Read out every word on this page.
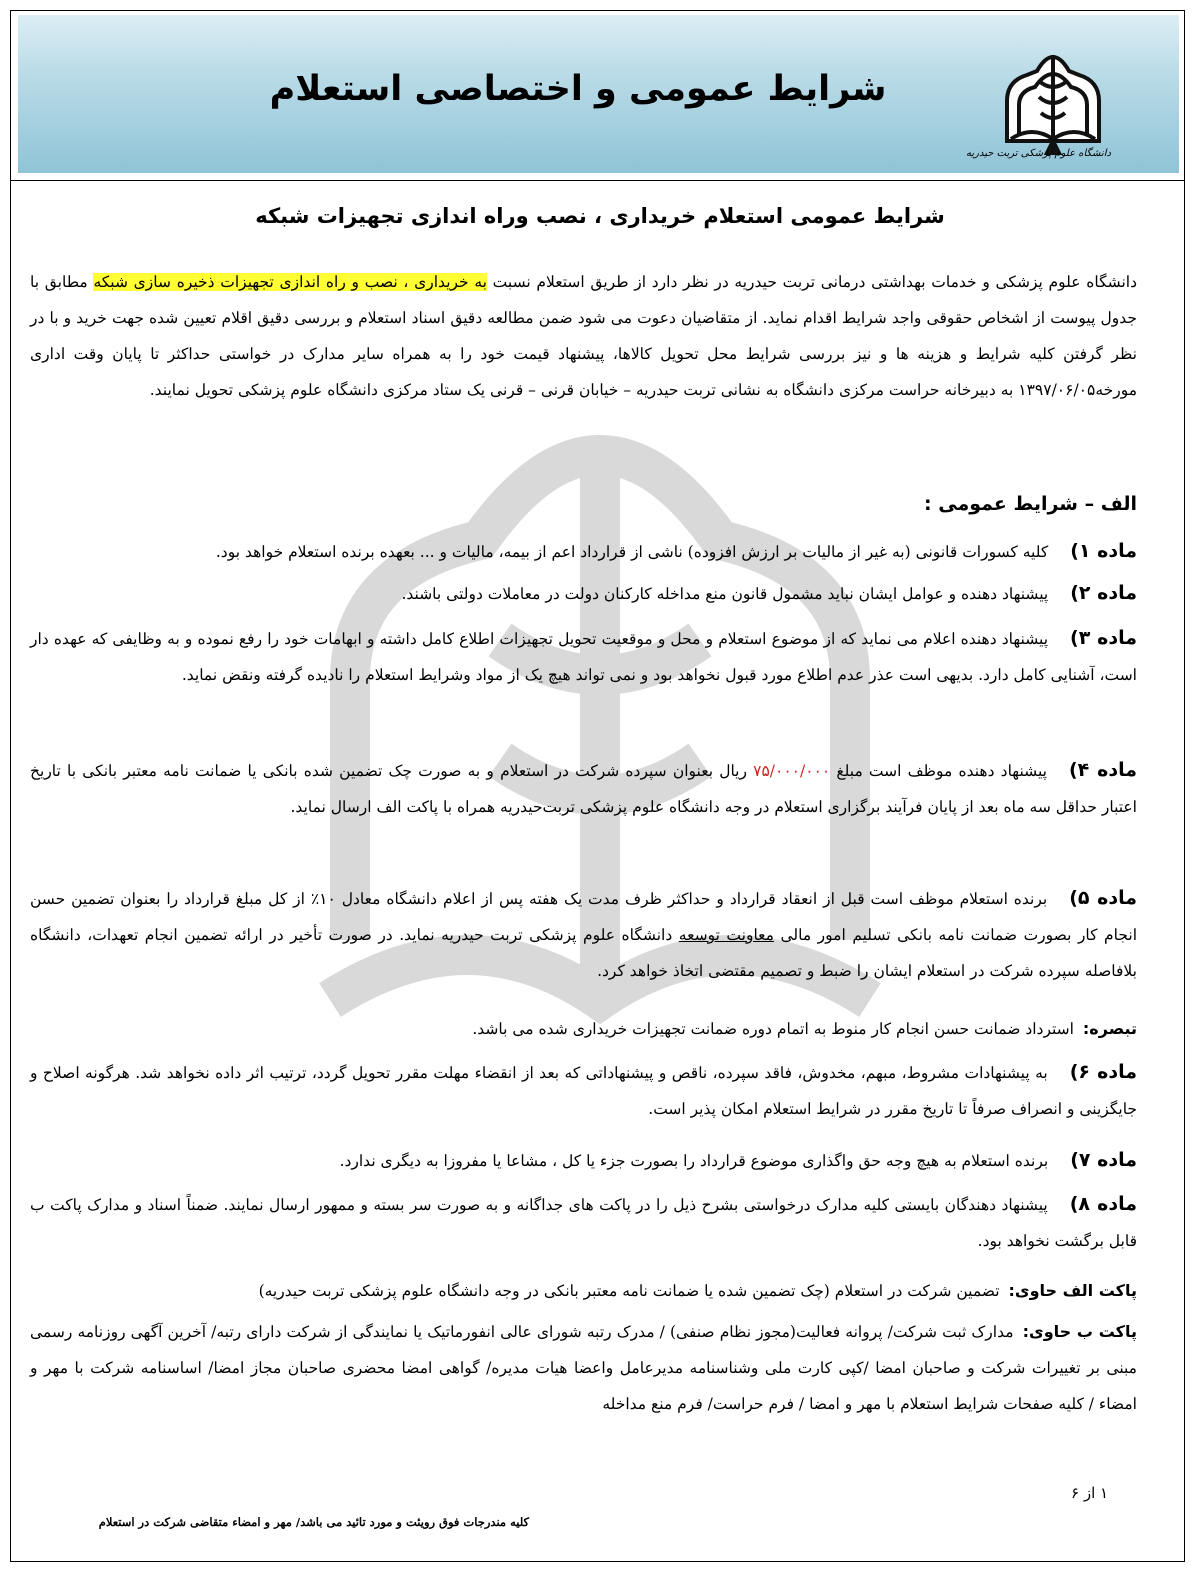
شرایط عمومی و اختصاصی استعلام
دانشگاه علوم پزشکی تربت حیدریه
شرایط عمومی استعلام خریداری ، نصب وراه اندازی تجهیزات شبکه
دانشگاه علوم پزشکی و خدمات بهداشتی درمانی تربت حیدریه در نظر دارد از طریق استعلام نسبت به خریداری ، نصب و راه اندازی تجهیزات ذخیره سازی شبکه مطابق با جدول پیوست از اشخاص حقوقی واجد شرایط اقدام نماید. از متقاضیان دعوت می شود ضمن مطالعه دقیق اسناد استعلام و بررسی دقیق اقلام تعیین شده جهت خرید و با در نظر گرفتن کلیه شرایط و هزینه ها و نیز بررسی شرایط محل تحویل کالاها، پیشنهاد قیمت خود را به همراه سایر مدارک در خواستی حداکثر تا پایان وقت اداری مورخه۱۳۹۷/۰۶/۰۵ به دبیرخانه حراست مرکزی دانشگاه به نشانی تربت حیدریه – خیابان قرنی – قرنی یک ستاد مرکزی دانشگاه علوم پزشکی تحویل نمایند.
الف – شرایط عمومی :
ماده ۱)کلیه کسورات قانونی (به غیر از مالیات بر ارزش افزوده) ناشی از قرارداد اعم از بیمه، مالیات و ... بعهده برنده استعلام خواهد بود.
ماده ۲)پیشنهاد دهنده و عوامل ایشان نباید مشمول قانون منع مداخله کارکنان دولت در معاملات دولتی باشند.
ماده ۳)پیشنهاد دهنده اعلام می نماید که از موضوع استعلام و محل و موقعیت تحویل تجهیزات اطلاع کامل داشته و ابهامات خود را رفع نموده و به وظایفی که عهده دار است، آشنایی کامل دارد. بدیهی است عذر عدم اطلاع مورد قبول نخواهد بود و نمی تواند هیچ یک از مواد وشرایط استعلام را نادیده گرفته ونقض نماید.
ماده ۴)پیشنهاد دهنده موظف است مبلغ ۷۵/۰۰۰/۰۰۰ ریال بعنوان سپرده شرکت در استعلام و به صورت چک تضمین شده بانکی یا ضمانت نامه معتبر بانکی با تاریخ اعتبار حداقل سه ماه بعد از پایان فرآیند برگزاری استعلام در وجه دانشگاه علوم پزشکی تربت‌حیدریه همراه با پاکت الف ارسال نماید.
ماده ۵)برنده استعلام موظف است قبل از انعقاد قرارداد و حداکثر ظرف مدت یک هفته پس از اعلام دانشگاه معادل ۱۰٪ از کل مبلغ قرارداد را بعنوان تضمین حسن انجام کار بصورت ضمانت نامه بانکی تسلیم امور مالی معاونت توسعه دانشگاه علوم پزشکی تربت حیدریه نماید. در صورت تأخیر در ارائه تضمین انجام تعهدات، دانشگاه بلافاصله سپرده شرکت در استعلام ایشان را ضبط و تصمیم مقتضی اتخاذ خواهد کرد.
تبصره: استرداد ضمانت حسن انجام کار منوط به اتمام دوره ضمانت تجهیزات خریداری شده می باشد.
ماده ۶)به پیشنهادات مشروط، مبهم، مخدوش، فاقد سپرده، ناقص و پیشنهاداتی که بعد از انقضاء مهلت مقرر تحویل گردد، ترتیب اثر داده نخواهد شد. هرگونه اصلاح و جایگزینی و انصراف صرفاً تا تاریخ مقرر در شرایط استعلام امکان پذیر است.
ماده ۷)برنده استعلام به هیچ وجه حق واگذاری موضوع قرارداد را بصورت جزء یا کل ، مشاعا یا مفروزا به دیگری ندارد.
ماده ۸)پیشنهاد دهندگان بایستی کلیه مدارک درخواستی بشرح ذیل را در پاکت های جداگانه و به صورت سر بسته و ممهور ارسال نمایند. ضمناً اسناد و مدارک پاکت ب قابل برگشت نخواهد بود.
پاکت الف حاوی: تضمین شرکت در استعلام (چک تضمین شده یا ضمانت نامه معتبر بانکی در وجه دانشگاه علوم پزشکی تربت حیدریه)
پاکت ب حاوی: مدارک ثبت شرکت/ پروانه فعالیت(مجوز نظام صنفی) / مدرک رتبه شورای عالی انفورماتیک یا نمایندگی از شرکت دارای رتبه/ آخرین آگهی روزنامه رسمی مبنی بر تغییرات شرکت و صاحبان امضا /کپی کارت ملی وشناسنامه مدیرعامل واعضا هیات مدیره/ گواهی امضا محضری صاحبان مجاز امضا/ اساسنامه شرکت با مهر و امضاء / کلیه صفحات شرایط استعلام با مهر و امضا / فرم حراست/ فرم منع مداخله
۱ از ۶
کلیه مندرجات فوق رویئت و مورد تائید می باشد/ مهر و امضاء متقاضی شرکت در استعلام
